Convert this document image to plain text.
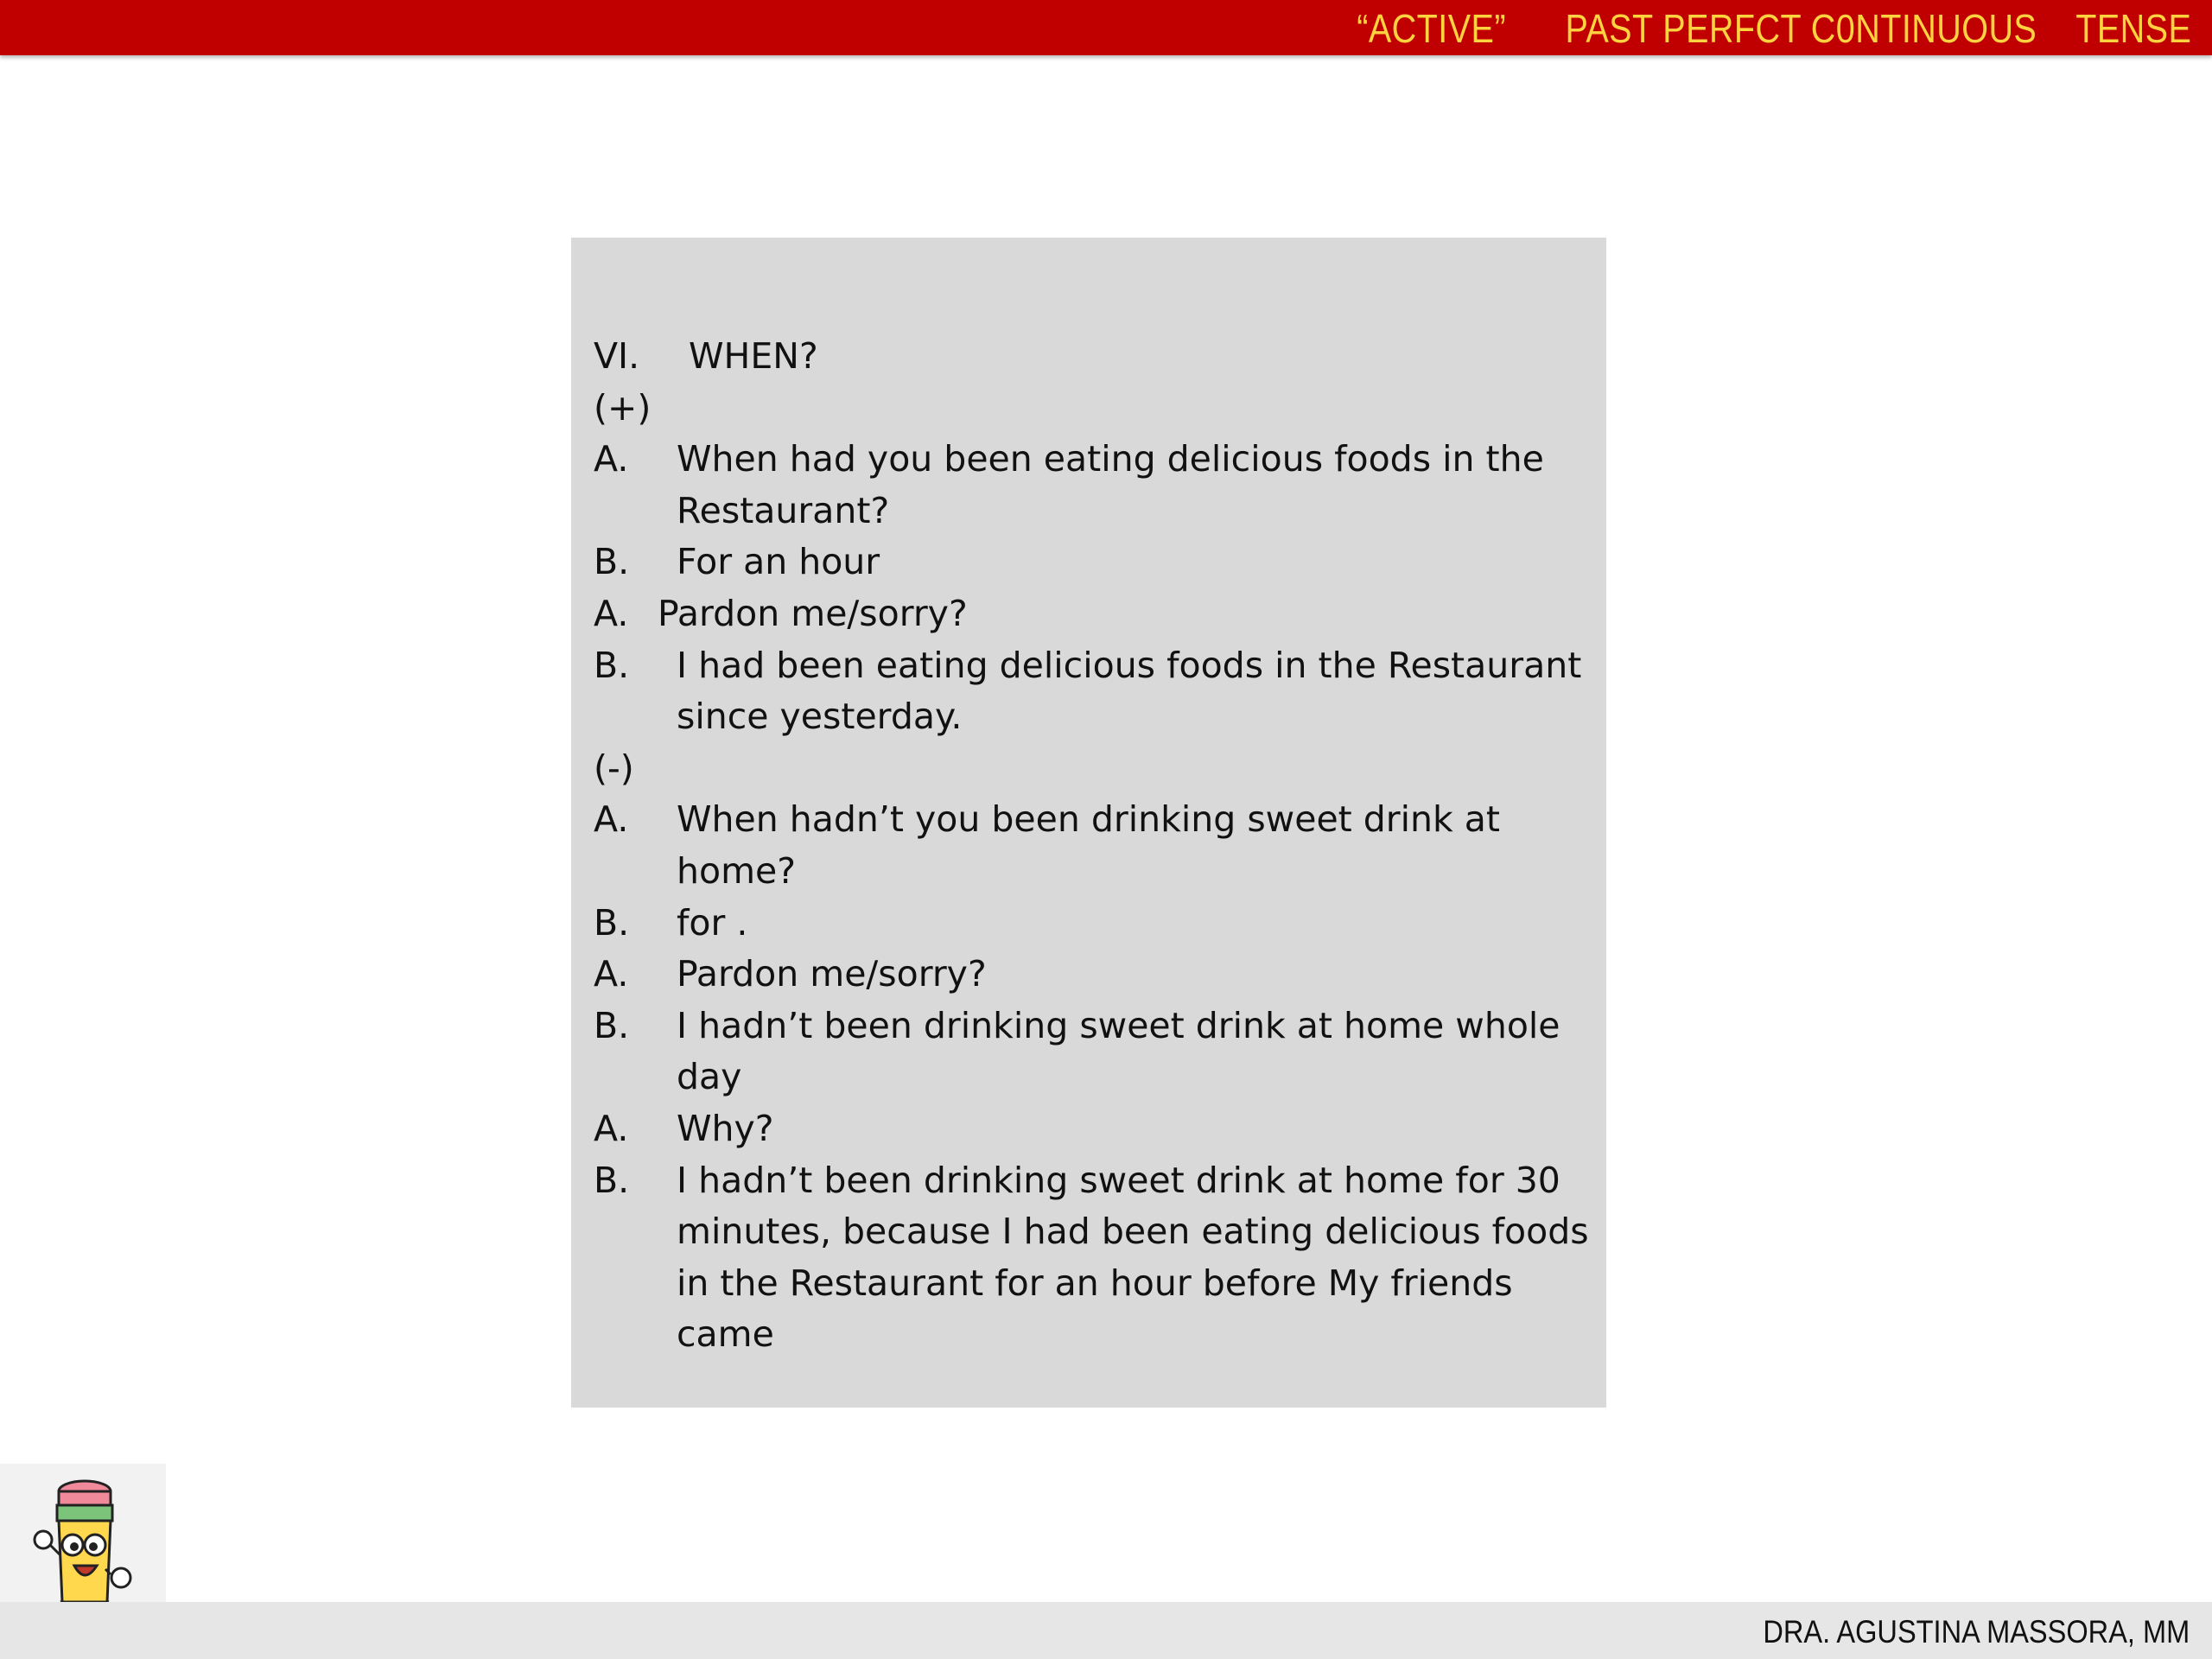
“ACTIVE”      PAST PERFCT C0NTINUOUS    TENSE
VI.	WHEN?
(+)
A.	When had you been eating delicious foods in the
Restaurant?
B.	For an hour
A. Pardon me/sorry?
B.	I had been eating delicious foods in the Restaurant
since yesterday.
(-)
A.	When hadn’t you been drinking sweet drink at
home?
B.	for .
A.	Pardon me/sorry?
B.	I hadn’t been drinking sweet drink at home whole
day
A.	Why?
B.	I hadn’t been drinking sweet drink at home for 30
minutes, because I had been eating delicious foods
in the Restaurant for an hour before My friends
came
DRA. AGUSTINA MASSORA, MM
